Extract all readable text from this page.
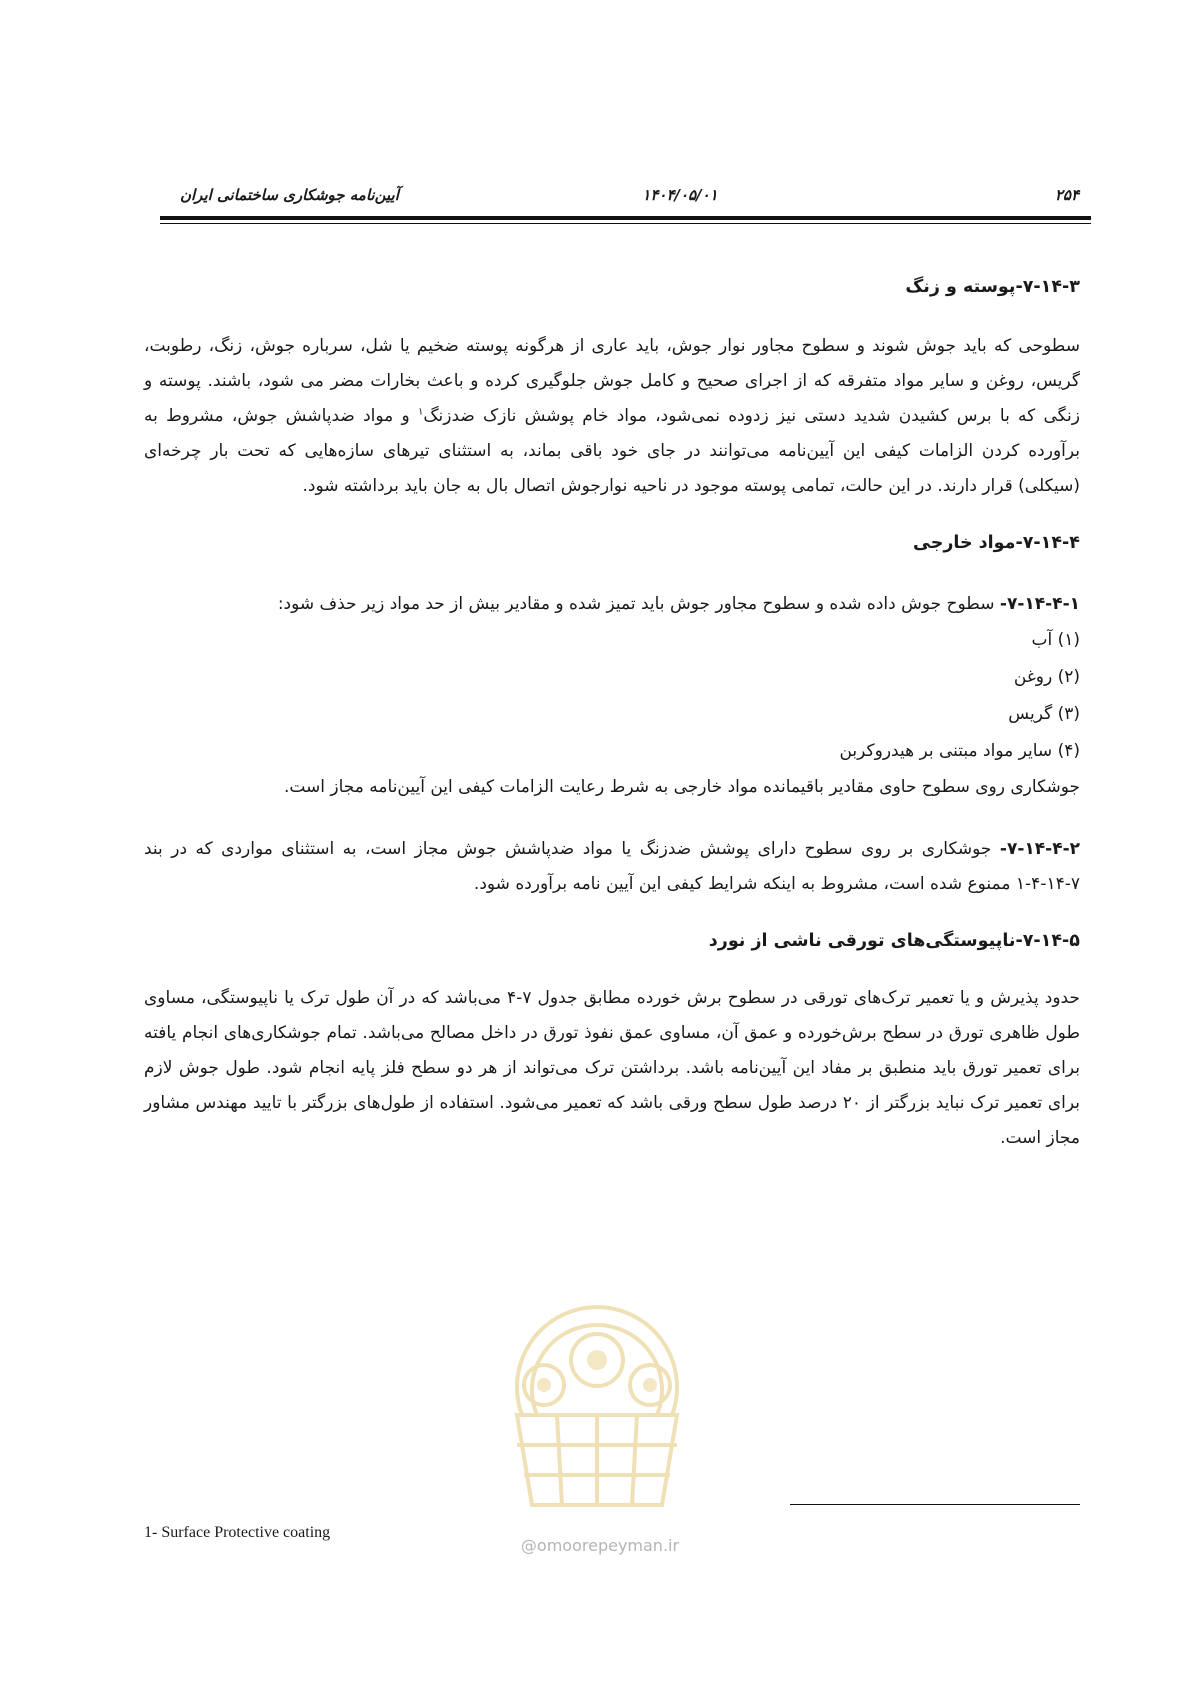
آیین‌نامه جوشکاری ساختمانی ایران	۱۴۰۴/۰۵/۰۱	۲۵۴

۷-۱۴-۳-پوسته و زنگ

سطوحی که باید جوش شوند و سطوح مجاور نوار جوش، باید عاری از هرگونه پوسته ضخیم یا شل، سرباره جوش، زنگ، رطوبت، گریس، روغن و سایر مواد متفرقه که از اجرای صحیح و کامل جوش جلوگیری کرده و باعث بخارات مضر می شود، باشند. پوسته و زنگی که با برس کشیدن شدید دستی نیز زدوده نمی‌شود، مواد خام پوشش نازک ضدزنگ$^۱$ و مواد ضدپاشش جوش، مشروط به برآورده کردن الزامات کیفی این آیین‌نامه می‌توانند در جای خود باقی بماند، به استثنای تیرهای سازه‌هایی که تحت بار چرخه‌ای (سیکلی) قرار دارند. در این حالت، تمامی پوسته موجود در ناحیه نوارجوش اتصال بال به جان باید برداشته شود.

۷-۱۴-۴-مواد خارجی

۷-۱۴-۴-۱- سطوح جوش داده شده و سطوح مجاور جوش باید تمیز شده و مقادیر بیش از حد مواد زیر حذف شود:

(۱) آب

(۲) روغن

(۳) گریس

(۴) سایر مواد مبتنی بر هیدروکربن

جوشکاری روی سطوح حاوی مقادیر باقیمانده مواد خارجی به شرط رعایت الزامات کیفی این آیین‌نامه مجاز است.

۷-۱۴-۴-۲- جوشکاری بر روی سطوح دارای پوشش ضدزنگ یا مواد ضدپاشش جوش مجاز است، به استثنای مواردی که در بند ۷-۱۴-۴-۱ ممنوع شده است، مشروط به اینکه شرایط کیفی این آیین نامه برآورده شود.

۷-۱۴-۵-ناپیوستگی‌های تورقی ناشی از نورد

حدود پذیرش و یا تعمیر ترک‌های تورقی در سطوح برش خورده مطابق جدول ۷-۴ می‌باشد که در آن طول ترک یا ناپیوستگی، مساوی طول ظاهری تورق در سطح برش‌خورده و عمق آن، مساوی عمق نفوذ تورق در داخل مصالح می‌باشد. تمام جوشکاری‌های انجام یافته برای تعمیر تورق باید منطبق بر مفاد این آیین‌نامه باشد. برداشتن ترک می‌تواند از هر دو سطح فلز پایه انجام شود. طول جوش لازم برای تعمیر ترک نباید بزرگتر از ۲۰ درصد طول سطح ورقی باشد که تعمیر می‌شود. استفاده از طول‌های بزرگتر با تایید مهندس مشاور مجاز است.

@omoorepeyman.ir
1- Surface Protective coating
